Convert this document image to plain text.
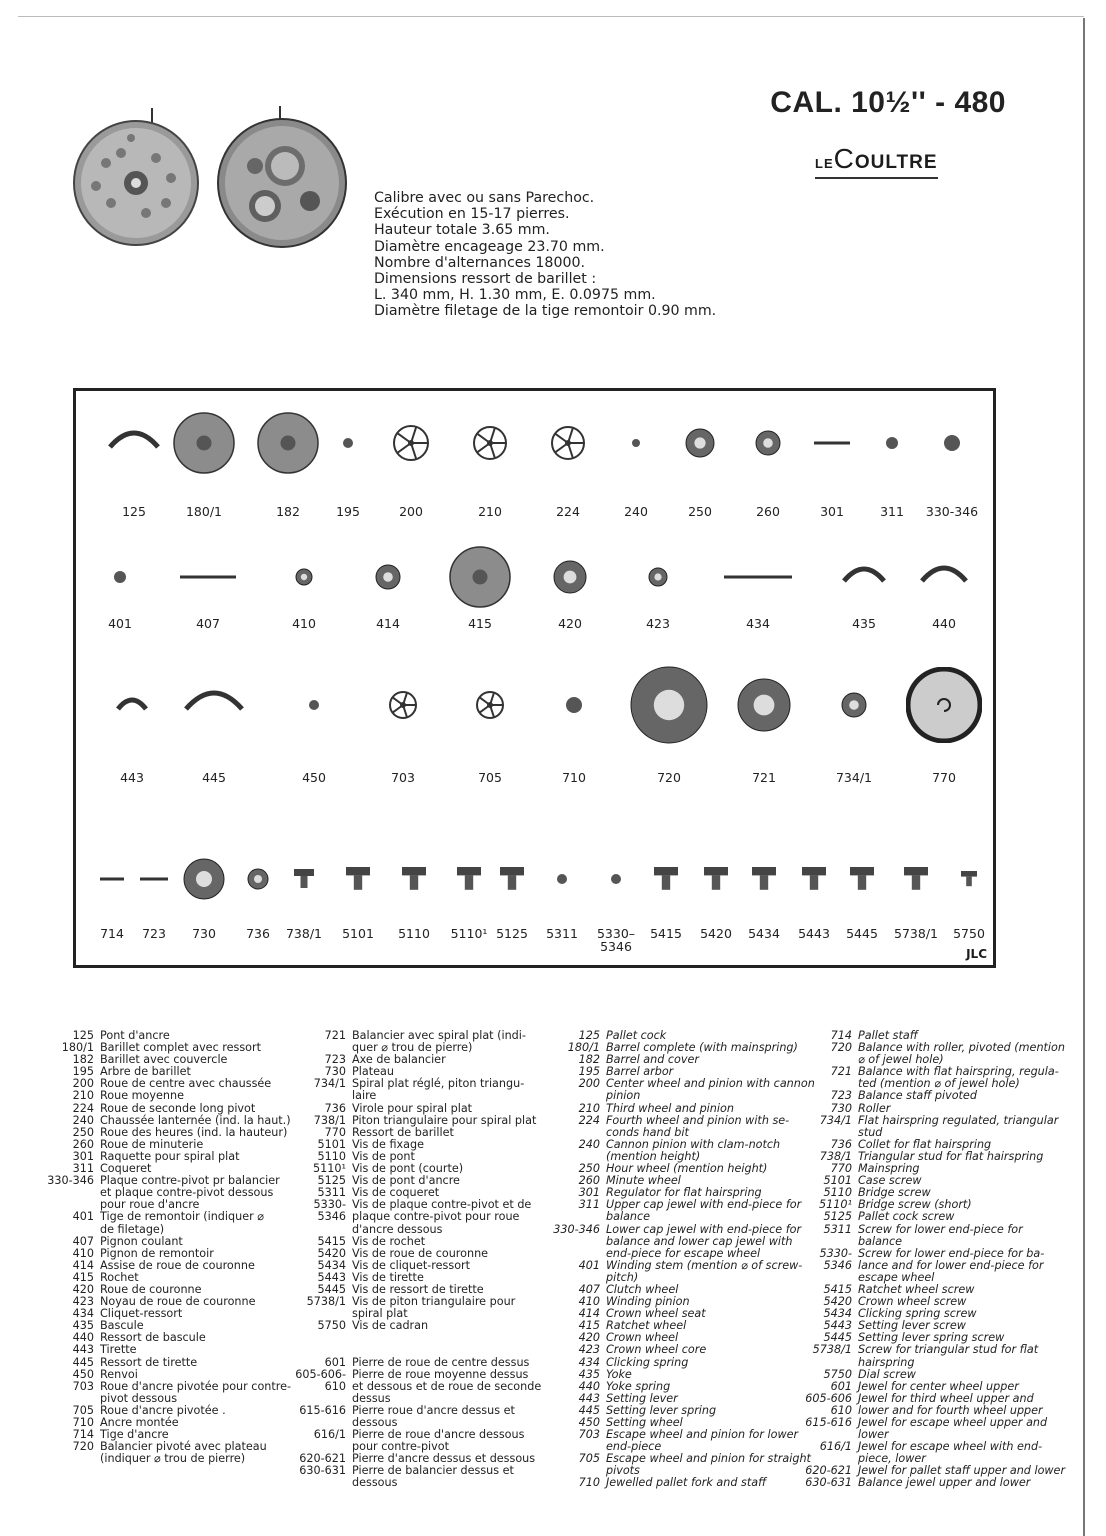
CAL. 10½'' - 480
LECOULTRE
Calibre avec ou sans Parechoc.
Exécution en 15-17 pierres.
Hauteur totale 3.65 mm.
Diamètre encageage 23.70 mm.
Nombre d'alternances 18000.
Dimensions ressort de barillet :
L. 340 mm, H. 1.30 mm, E. 0.0975 mm.
Diamètre filetage de la tige remontoir 0.90 mm.
JLC
125	180/1	182	195	200	210	224	240	250	260	301	311 330-346
401	407	410	414	415	420	423	434	435	440
443	445	450	703	705	710	720	721	734/1	770
714 723 730 736 738/1 5101 5110 5110¹ 5125 5311 5330–
5346
5415 5420 5434 5443 5445 5738/1 5750
125 Pont d'ancre
180/1 Barillet complet avec ressort
182 Barillet avec couvercle
195 Arbre de barillet
200 Roue de centre avec chaussée
210 Roue moyenne
224 Roue de seconde long pivot
240 Chaussée lanternée (ind. la haut.)
250 Roue des heures (ind. la hauteur)
260 Roue de minuterie
301 Raquette pour spiral plat
311 Coqueret
330-346 Plaque contre-pivot pr balancier
et plaque contre-pivot dessous
pour roue d'ancre
401 Tige de remontoir (indiquer ⌀
de filetage)
407 Pignon coulant
410 Pignon de remontoir
414 Assise de roue de couronne
415 Rochet
420 Roue de couronne
423 Noyau de roue de couronne
434 Cliquet-ressort
435 Bascule
440 Ressort de bascule
443 Tirette
445 Ressort de tirette
450 Renvoi
703 Roue d'ancre pivotée pour contre-
pivot dessous
705 Roue d'ancre pivotée .
710 Ancre montée
714 Tige d'ancre
720 Balancier pivoté avec plateau
(indiquer ⌀ trou de pierre)
721 Balancier avec spiral plat (indi-
quer ⌀ trou de pierre)
723 Axe de balancier
730 Plateau
734/1 Spiral plat réglé, piton triangu-
laire
736 Virole pour spiral plat
738/1 Piton triangulaire pour spiral plat
770 Ressort de barillet
5101 Vis de fixage
5110 Vis de pont
5110¹ Vis de pont (courte)
5125 Vis de pont d'ancre
5311 Vis de coqueret
5330- Vis de plaque contre-pivot et de
5346 plaque contre-pivot pour roue
d'ancre dessous
5415 Vis de rochet
5420 Vis de roue de couronne
5434 Vis de cliquet-ressort
5443 Vis de tirette
5445 Vis de ressort de tirette
5738/1 Vis de piton triangulaire pour
spiral plat
5750 Vis de cadran

601 Pierre de roue de centre dessus
605-606- Pierre de roue moyenne dessus
610 et dessous et de roue de seconde
dessus
615-616 Pierre roue d'ancre dessus et
dessous
616/1 Pierre de roue d'ancre dessous
pour contre-pivot
620-621 Pierre d'ancre dessus et dessous
630-631 Pierre de balancier dessus et
dessous
125 Pallet cock
180/1 Barrel complete (with mainspring)
182 Barrel and cover
195 Barrel arbor
200 Center wheel and pinion with cannon
pinion
210 Third wheel and pinion
224 Fourth wheel and pinion with se-
conds hand bit
240 Cannon pinion with clam-notch
(mention height)
250 Hour wheel (mention height)
260 Minute wheel
301 Regulator for flat hairspring
311 Upper cap jewel with end-piece for
balance
330-346 Lower cap jewel with end-piece for
balance and lower cap jewel with
end-piece for escape wheel
401 Winding stem (mention ⌀ of screw-
pitch)
407 Clutch wheel
410 Winding pinion
414 Crown wheel seat
415 Ratchet wheel
420 Crown wheel
423 Crown wheel core
434 Clicking spring
435 Yoke
440 Yoke spring
443 Setting lever
445 Setting lever spring
450 Setting wheel
703 Escape wheel and pinion for lower
end-piece
705 Escape wheel and pinion for straight
pivots
710 Jewelled pallet fork and staff
714 Pallet staff
720 Balance with roller, pivoted (mention
⌀ of jewel hole)
721 Balance with flat hairspring, regula-
ted (mention ⌀ of jewel hole)
723 Balance staff pivoted
730 Roller
734/1 Flat hairspring regulated, triangular
stud
736 Collet for flat hairspring
738/1 Triangular stud for flat hairspring
770 Mainspring
5101 Case screw
5110 Bridge screw
5110¹ Bridge screw (short)
5125 Pallet cock screw
5311 Screw for lower end-piece for
balance
5330- Screw for lower end-piece for ba-
5346 lance and for lower end-piece for
escape wheel
5415 Ratchet wheel screw
5420 Crown wheel screw
5434 Clicking spring screw
5443 Setting lever screw
5445 Setting lever spring screw
5738/1 Screw for triangular stud for flat
hairspring
5750 Dial screw
601 Jewel for center wheel upper
605-606 Jewel for third wheel upper and
610 lower and for fourth wheel upper
615-616 Jewel for escape wheel upper and
lower
616/1 Jewel for escape wheel with end-
piece, lower
620-621 Jewel for pallet staff upper and lower
630-631 Balance jewel upper and lower
